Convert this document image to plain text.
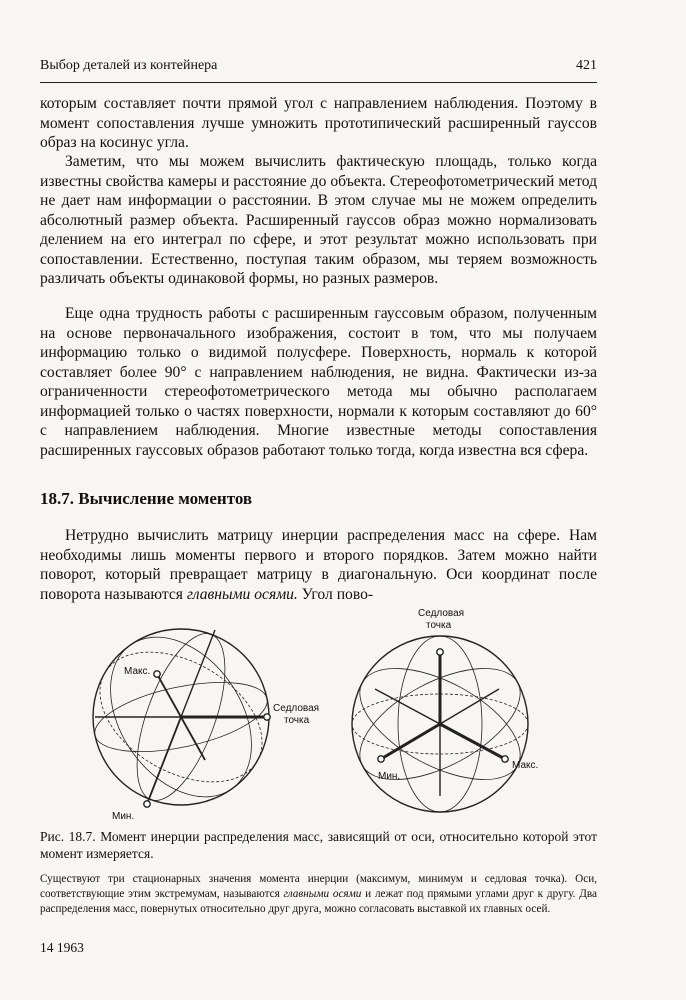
Выбор деталей из контейнера	421

которым составляет почти прямой угол с направлением наблюдения. Поэтому в момент сопоставления лучше умножить прототипический расширенный гауссов образ на косинус угла.

Заметим, что мы можем вычислить фактическую площадь, только когда известны свойства камеры и расстояние до объекта. Стереофотометрический метод не дает нам информации о расстоянии. В этом случае мы не можем определить абсолютный размер объекта. Расширенный гауссов образ можно нормализовать делением на его интеграл по сфере, и этот результат можно использовать при сопоставлении. Естественно, поступая таким образом, мы теряем возможность различать объекты одинаковой формы, но разных размеров.

Еще одна трудность работы с расширенным гауссовым образом, полученным на основе первоначального изображения, состоит в том, что мы получаем информацию только о видимой полусфере. Поверхность, нормаль к которой составляет более 90° с направлением наблюдения, не видна. Фактически из-за ограниченности стереофотометрического метода мы обычно располагаем информацией только о частях поверхности, нормали к которым составляют до 60° с направлением наблюдения. Многие известные методы сопоставления расширенных гауссовых образов работают только тогда, когда известна вся сфера.

18.7. Вычисление моментов

Нетрудно вычислить матрицу инерции распределения масс на сфере. Нам необходимы лишь моменты первого и второго порядков. Затем можно найти поворот, который превращает матрицу в диагональную. Оси координат после поворота называются главными осями. Угол пово-

Макс.
Седловая
точка
Мин.
Седловая
точка
Мин.
Макс.
Рис. 18.7. Момент инерции распределения масс, зависящий от оси, относительно которой этот момент измеряется.
Существуют три стационарных значения момента инерции (максимум, минимум и седловая точка). Оси, соответствующие этим экстремумам, называются главными осями и лежат под прямыми углами друг к другу. Два распределения масс, повернутых относительно друг друга, можно согласовать выставкой их главных осей.
14 1963
